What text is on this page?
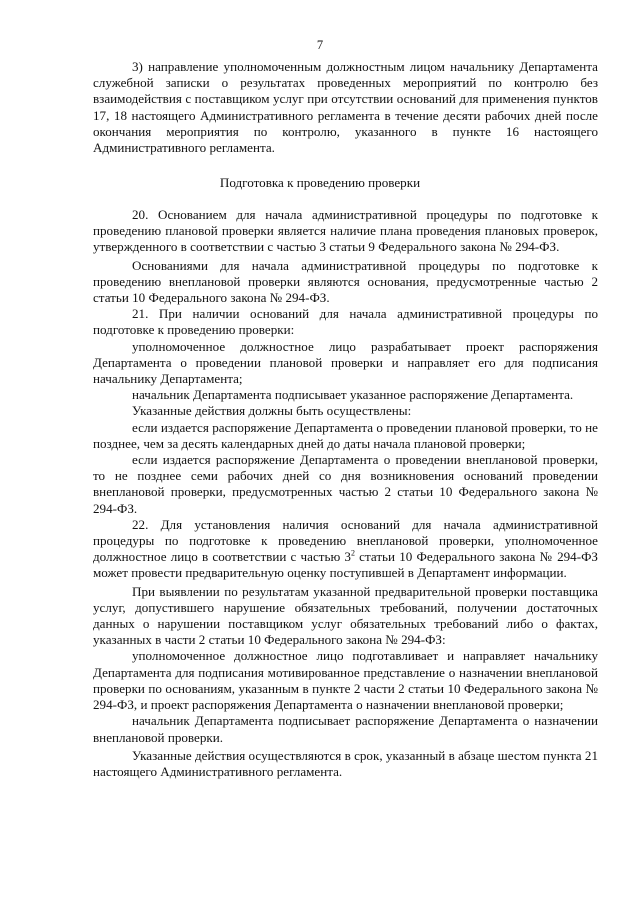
7

3) направление уполномоченным должностным лицом начальнику Департамента служебной записки о результатах проведенных мероприятий по контролю без взаимодействия с поставщиком услуг при отсутствии оснований для применения пунктов 17, 18 настоящего Административного регламента в течение десяти рабочих дней после окончания мероприятия по контролю, указанного в пункте 16 настоящего Административного регламента.

Подготовка к проведению проверки

20. Основанием для начала административной процедуры по подготовке к проведению плановой проверки является наличие плана проведения плановых проверок, утвержденного в соответствии с частью 3 статьи 9 Федерального закона № 294-ФЗ.

Основаниями для начала административной процедуры по подготовке к проведению внеплановой проверки являются основания, предусмотренные частью 2 статьи 10 Федерального закона № 294-ФЗ.

21. При наличии оснований для начала административной процедуры по подготовке к проведению проверки:

уполномоченное должностное лицо разрабатывает проект распоряжения Департамента о проведении плановой проверки и направляет его для подписания начальнику Департамента;

начальник Департамента подписывает указанное распоряжение Департамента.

Указанные действия должны быть осуществлены:

если издается распоряжение Департамента о проведении плановой проверки, то не позднее, чем за десять календарных дней до даты начала плановой проверки;

если издается распоряжение Департамента о проведении внеплановой проверки, то не позднее семи рабочих дней со дня возникновения оснований проведении внеплановой проверки, предусмотренных частью 2 статьи 10 Федерального закона № 294-ФЗ.

22. Для установления наличия оснований для начала административной процедуры по подготовке к проведению внеплановой проверки, уполномоченное должностное лицо в соответствии с частью $3^2$ статьи 10 Федерального закона № 294-ФЗ может провести предварительную оценку поступившей в Департамент информации.

При выявлении по результатам указанной предварительной проверки поставщика услуг, допустившего нарушение обязательных требований, получении достаточных данных о нарушении поставщиком услуг обязательных требований либо о фактах, указанных в части 2 статьи 10 Федерального закона № 294-ФЗ:

уполномоченное должностное лицо подготавливает и направляет начальнику Департамента для подписания мотивированное представление о назначении внеплановой проверки по основаниям, указанным в пункте 2 части 2 статьи 10 Федерального закона № 294-ФЗ, и проект распоряжения Департамента о назначении внеплановой проверки;

начальник Департамента подписывает распоряжение Департамента о назначении внеплановой проверки.

Указанные действия осуществляются в срок, указанный в абзаце шестом пункта 21 настоящего Административного регламента.
